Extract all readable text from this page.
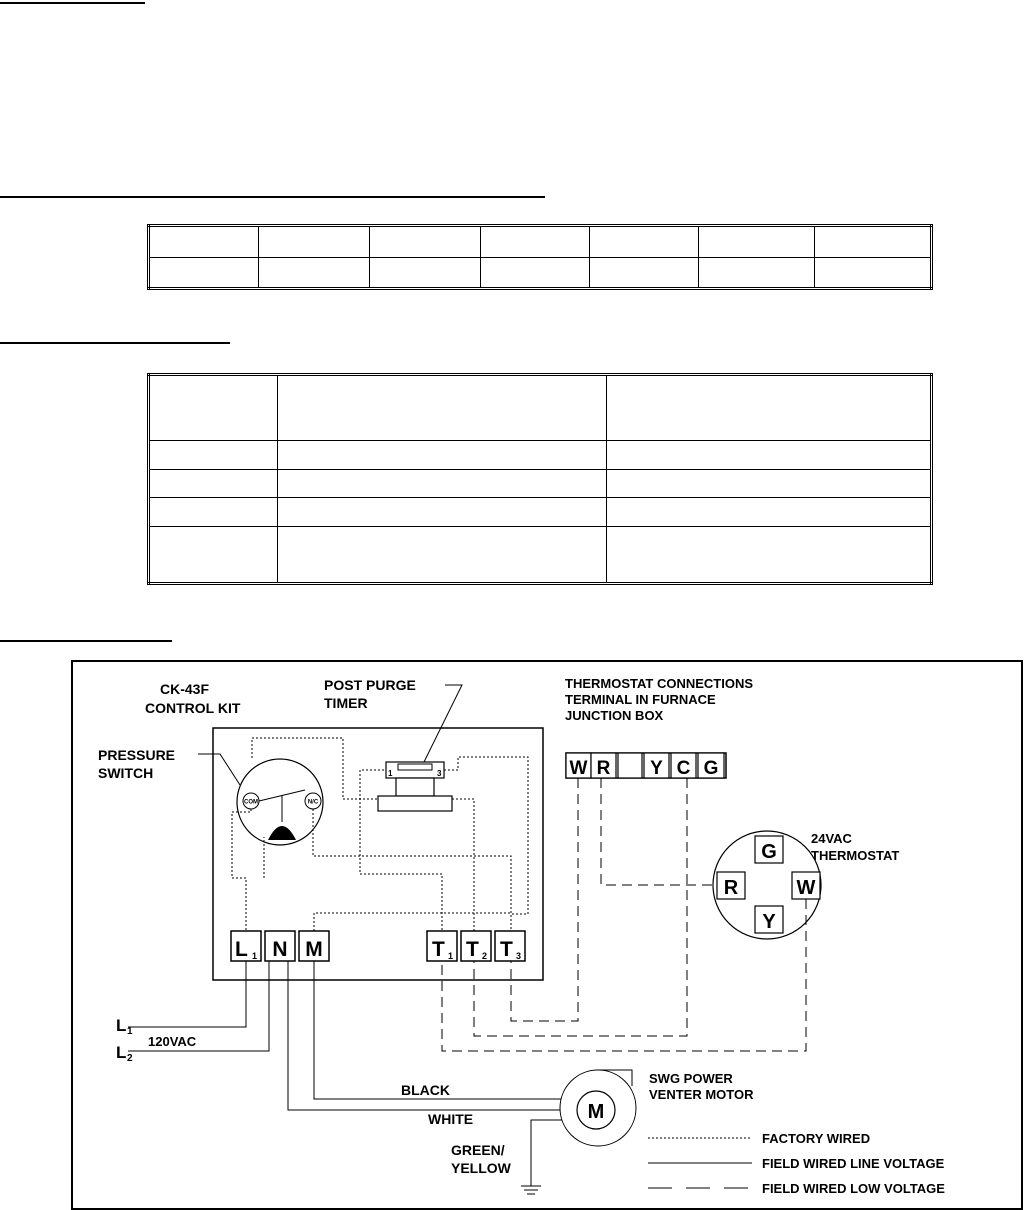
CK-43F
CONTROL KIT
COM	N/C
PRESSURE
SWITCH	1	3
POST PURGE
TIMER
L 1 N M	T 1 T 2 T 3
W R Y C G
THERMOSTAT CONNECTIONS
TERMINAL IN FURNACE
JUNCTION BOX
G
R	W
Y
24VAC
THERMOSTAT
L 1
L 2
120VAC
M
SWG POWER
VENTER MOTOR
BLACK
WHITE
GREEN/
YELLOW
FACTORY WIRED
FIELD WIRED LINE VOLTAGE
FIELD WIRED LOW VOLTAGE
